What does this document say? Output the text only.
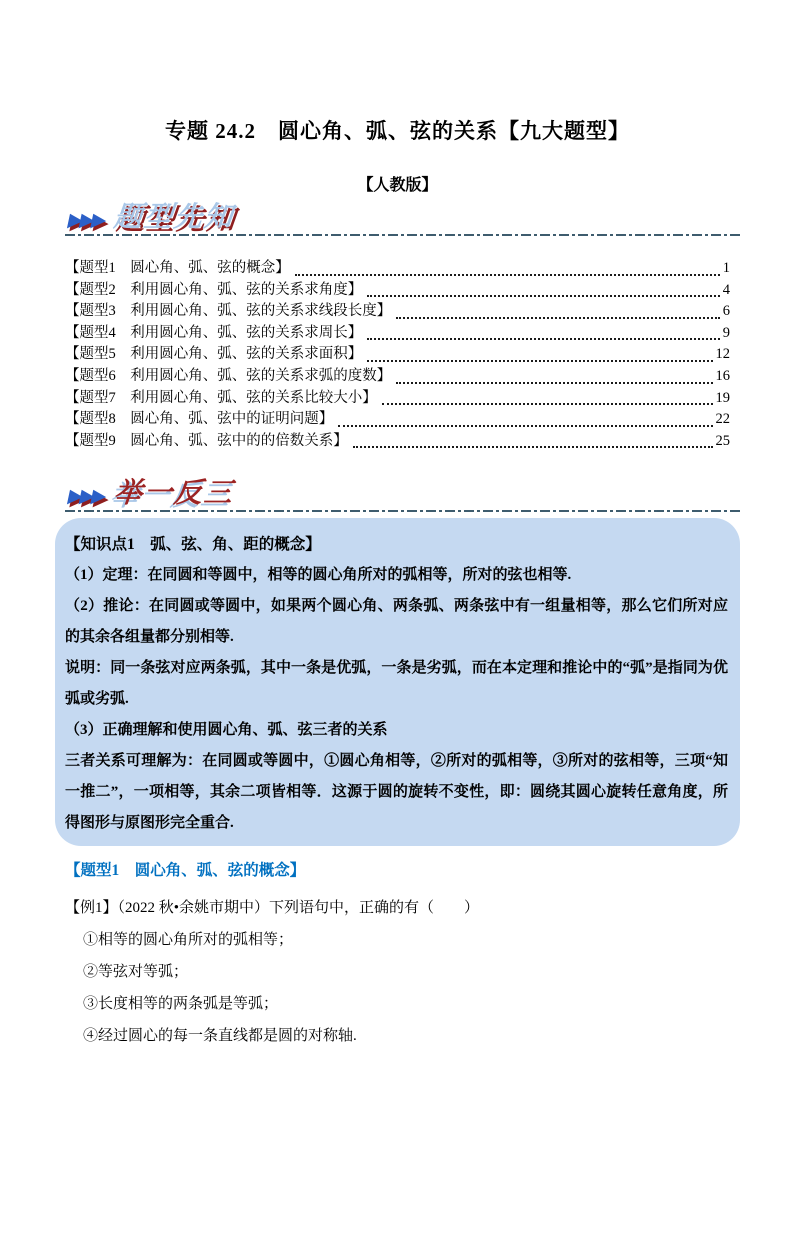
专题 24.2　圆心角、弧、弦的关系【九大题型】
【人教版】
▶▶▶ 题型先知
【题型1　圆心角、弧、弦的概念】	1
【题型2　利用圆心角、弧、弦的关系求角度】	4
【题型3　利用圆心角、弧、弦的关系求线段长度】	6
【题型4　利用圆心角、弧、弦的关系求周长】	9
【题型5　利用圆心角、弧、弦的关系求面积】	12
【题型6　利用圆心角、弧、弦的关系求弧的度数】	16
【题型7　利用圆心角、弧、弦的关系比较大小】	19
【题型8　圆心角、弧、弦中的证明问题】	22
【题型9　圆心角、弧、弦中的的倍数关系】	25
▶▶▶ 举一反三

【知识点1　弧、弦、角、距的概念】

（1）定理：在同圆和等圆中，相等的圆心角所对的弧相等，所对的弦也相等.

（2）推论：在同圆或等圆中，如果两个圆心角、两条弧、两条弦中有一组量相等，那么它们所对应的其余各组量都分别相等.

说明：同一条弦对应两条弧，其中一条是优弧，一条是劣弧，而在本定理和推论中的“弧”是指同为优弧或劣弧.

（3）正确理解和使用圆心角、弧、弦三者的关系

三者关系可理解为：在同圆或等圆中，①圆心角相等，②所对的弧相等，③所对的弦相等，三项“知一推二”，一项相等，其余二项皆相等．这源于圆的旋转不变性，即：圆绕其圆心旋转任意角度，所得图形与原图形完全重合.

【题型1　圆心角、弧、弦的概念】

【例1】（2022 秋•余姚市期中）下列语句中，正确的有（　　）

①相等的圆心角所对的弧相等；

②等弦对等弧；

③长度相等的两条弧是等弧；

④经过圆心的每一条直线都是圆的对称轴.
